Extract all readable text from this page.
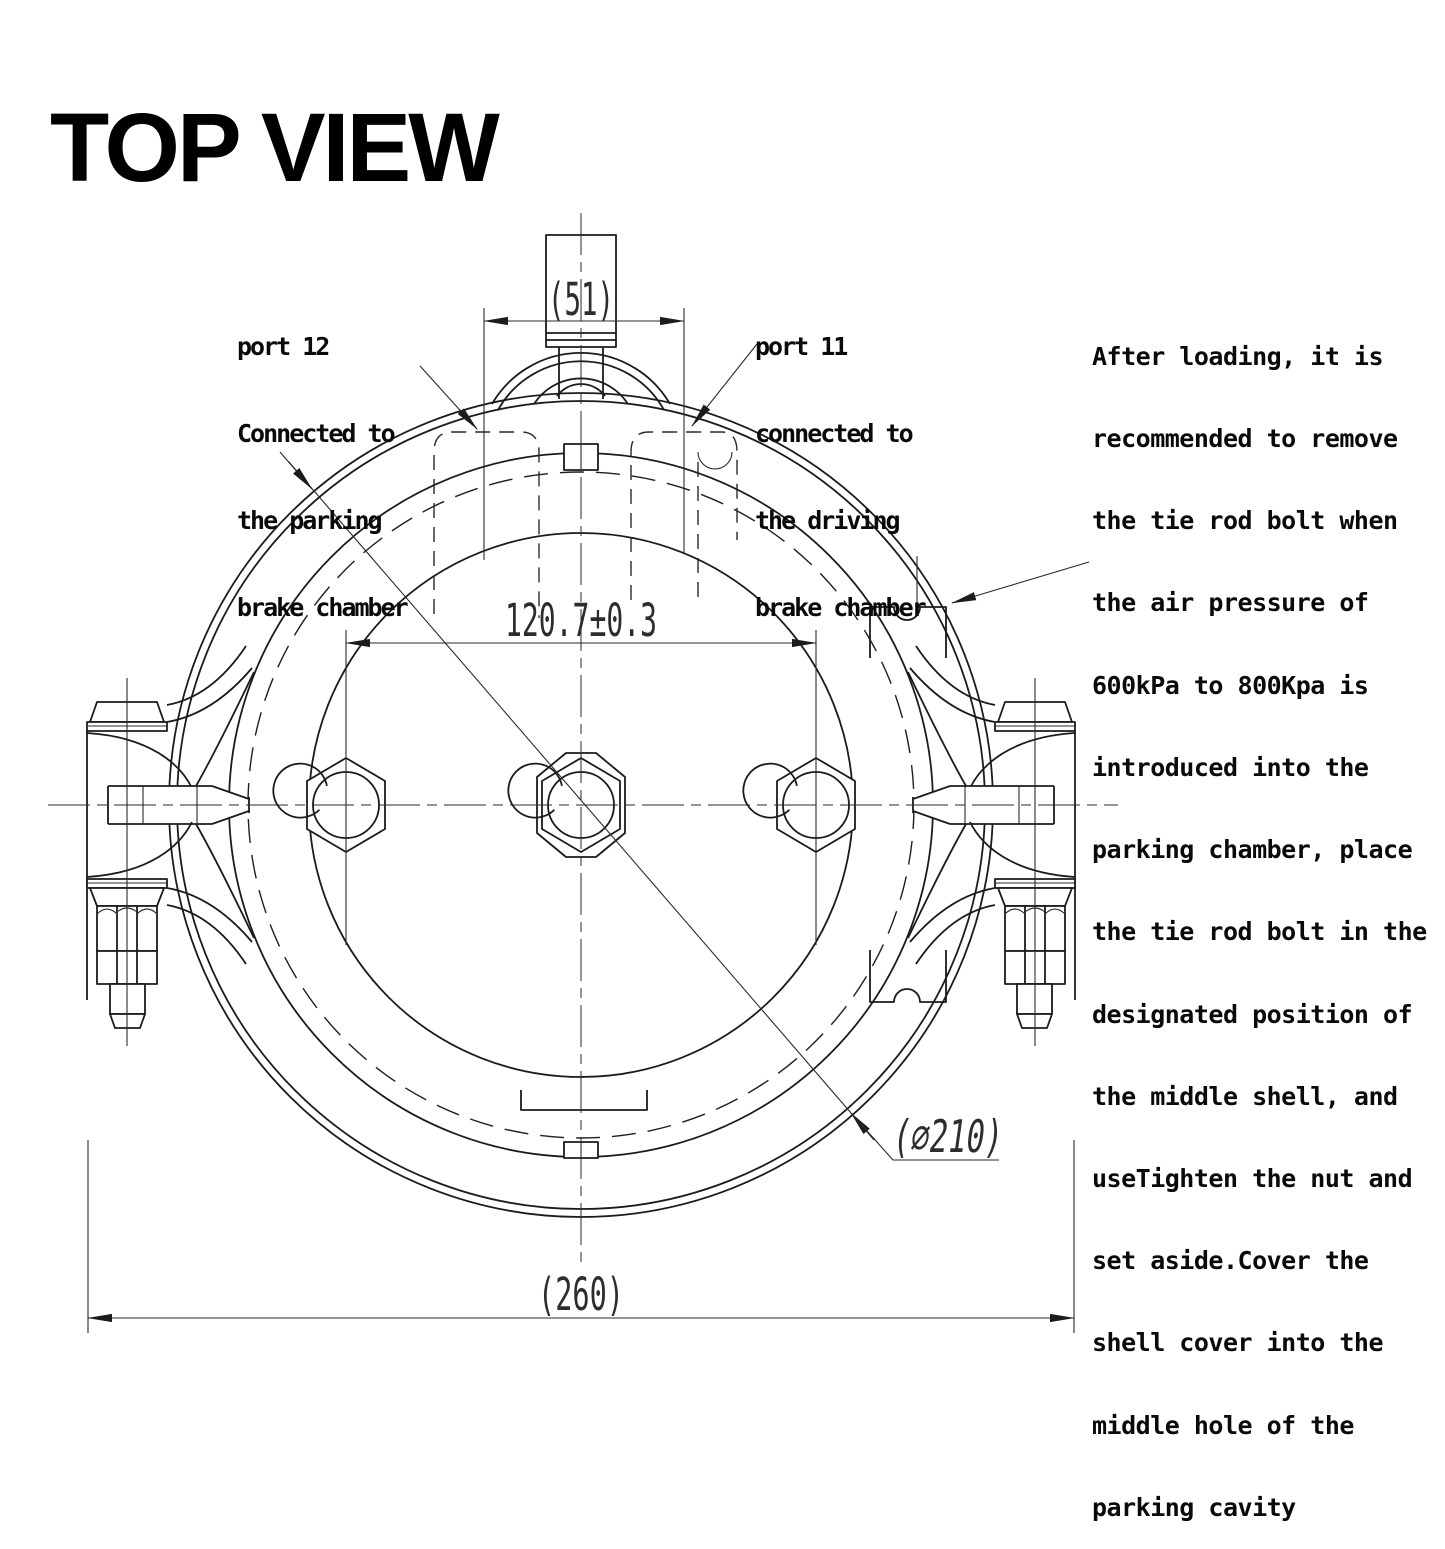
(51)
120.7±0.3
(∅210)
(260)
TOP VIEW

port 12

Connected to

the parking

brake chamber

port 11

connected to

the driving

brake chamber

After loading, it is

recommended to remove

the tie rod bolt when

the air pressure of

600kPa to 800Kpa is

introduced into the

parking chamber, place

the tie rod bolt in the

designated position of

the middle shell, and

useTighten the nut and

set aside.Cover the

shell cover into the

middle hole of the

parking cavity
